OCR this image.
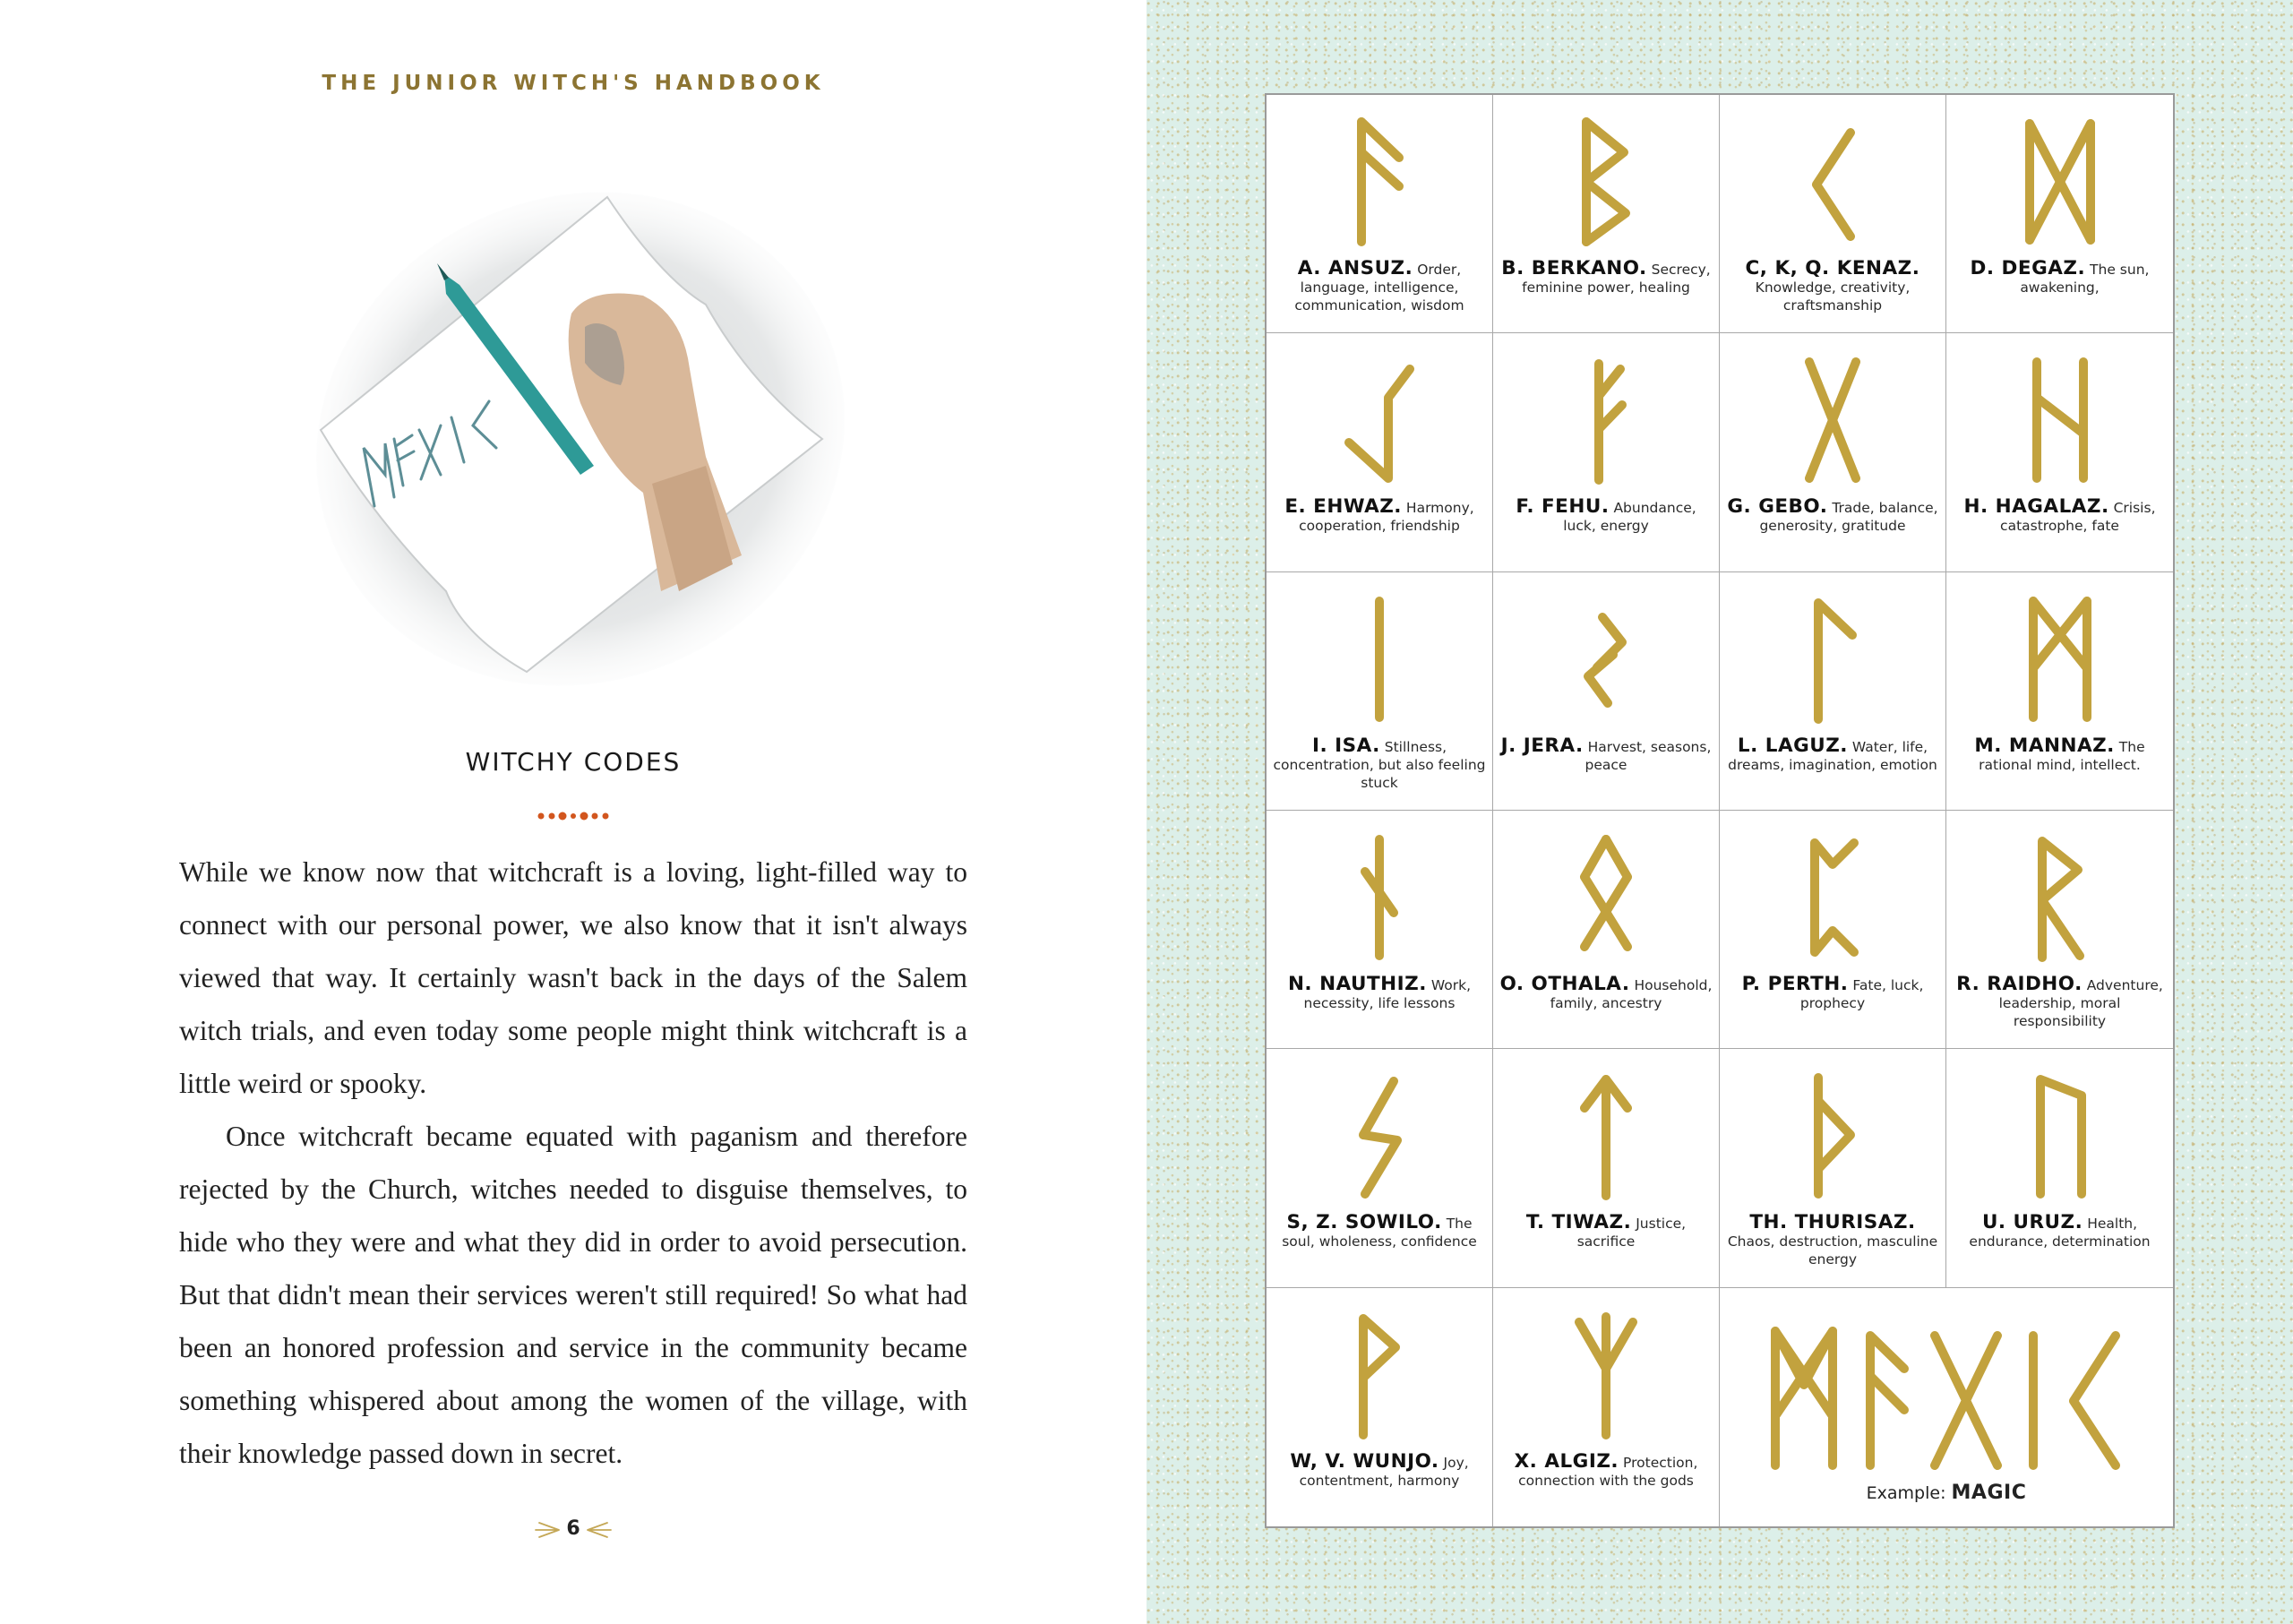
THE JUNIOR WITCH'S HANDBOOK
WITCHY CODES

While we know now that witchcraft is a loving, light-filled way to connect with our personal power, we also know that it isn't always viewed that way. It certainly wasn't back in the days of the Salem witch trials, and even today some people might think witchcraft is a little weird or spooky.

Once witchcraft became equated with paganism and therefore rejected by the Church, witches needed to disguise themselves, to hide who they were and what they did in order to avoid persecution. But that didn't mean their services weren't still required! So what had been an honored profession and service in the community became something whispered about among the women of the village, with their knowledge passed down in secret.

6
A. ANSUZ. Order, language, intelligence, communication, wisdom
B. BERKANO. Secrecy, feminine power, healing
C, K, Q. KENAZ. Knowledge, creativity, craftsmanship
D. DEGAZ. The sun, awakening,
E. EHWAZ. Harmony, cooperation, friendship
F. FEHU. Abundance, luck, energy
G. GEBO. Trade, balance, generosity, gratitude
H. HAGALAZ. Crisis, catastrophe, fate
I. ISA. Stillness, concentration, but also feeling stuck
J. JERA. Harvest, seasons, peace
L. LAGUZ. Water, life, dreams, imagination, emotion
M. MANNAZ. The rational mind, intellect.
N. NAUTHIZ. Work, necessity, life lessons
O. OTHALA. Household, family, ancestry
P. PERTH. Fate, luck, prophecy
R. RAIDHO. Adventure, leadership, moral responsibility
S, Z. SOWILO. The soul, wholeness, confidence
T. TIWAZ. Justice, sacrifice
TH. THURISAZ. Chaos, destruction, masculine energy
U. URUZ. Health, endurance, determination
W, V. WUNJO. Joy, contentment, harmony
X. ALGIZ. Protection, connection with the gods
Example: MAGIC
